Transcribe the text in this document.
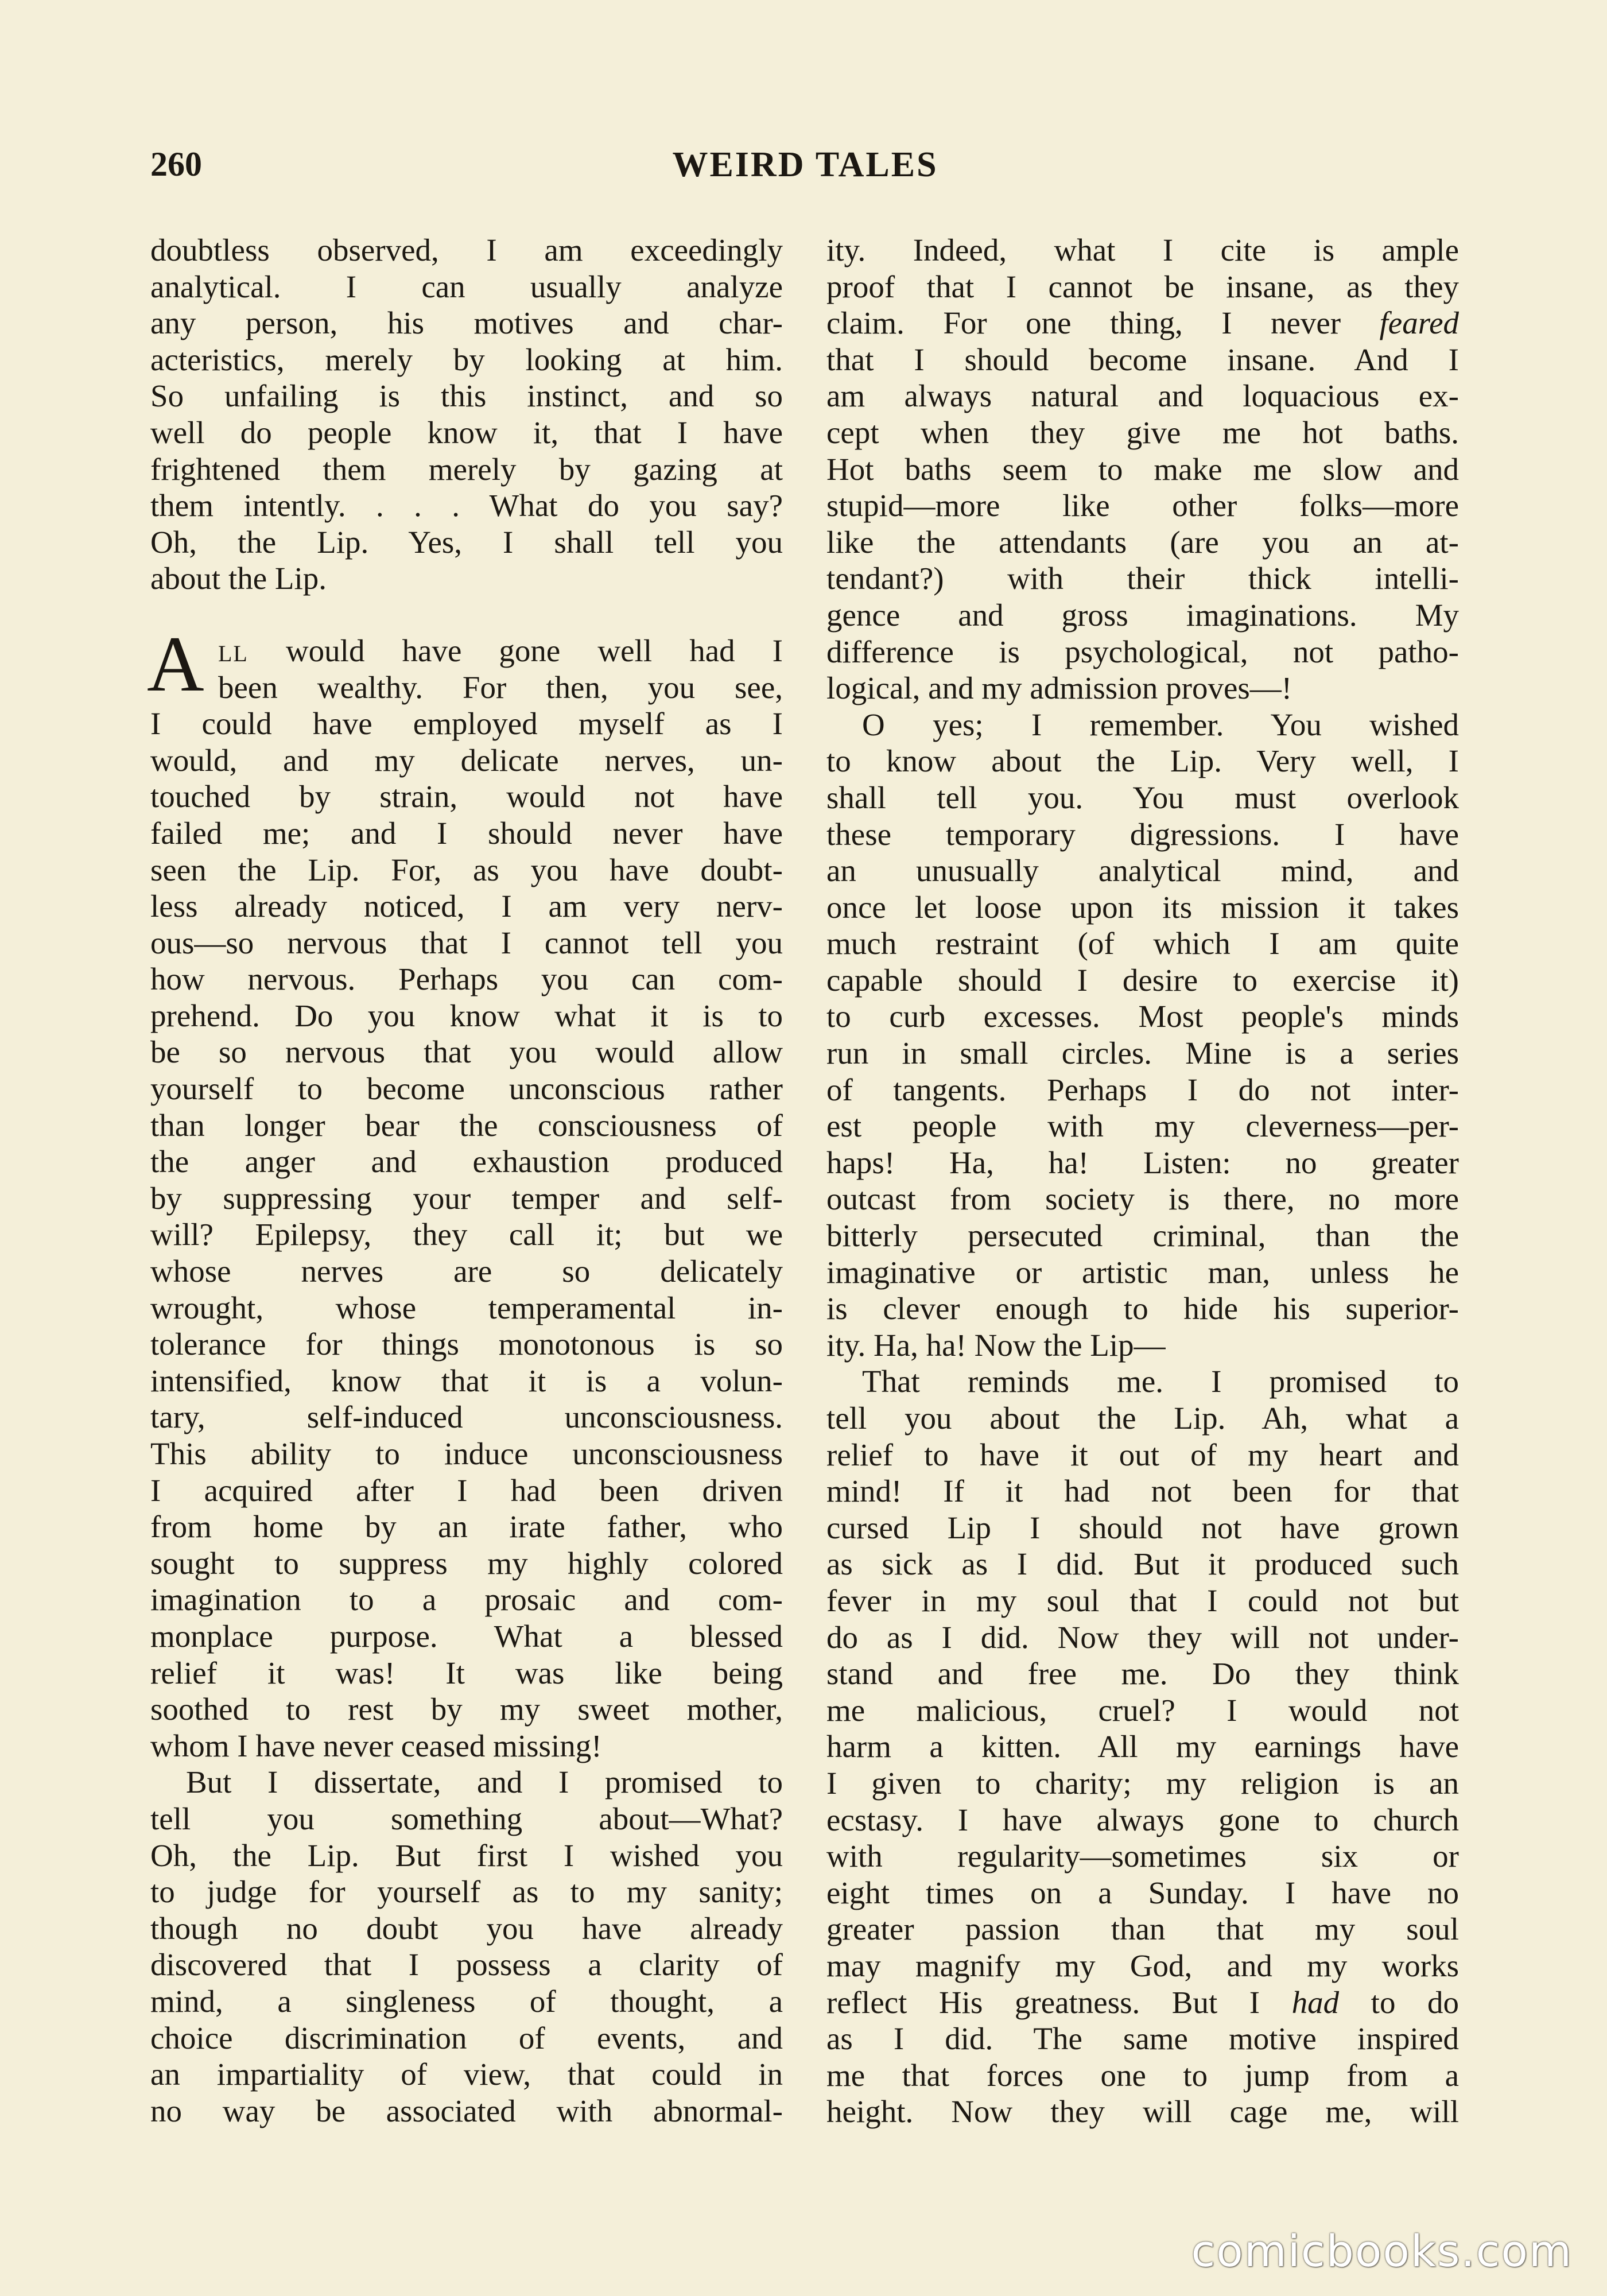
260	WEIRD TALES
doubtless observed, I am exceedingly
analytical. I can usually analyze
any person, his motives and char-
acteristics, merely by looking at him.
So unfailing is this instinct, and so
well do people know it, that I have
frightened them merely by gazing at
them intently. . . . What do you say?
Oh, the Lip. Yes, I shall tell you
about the Lip.
A LL would have gone well had I
been wealthy. For then, you see,
I could have employed myself as I
would, and my delicate nerves, un-
touched by strain, would not have
failed me; and I should never have
seen the Lip. For, as you have doubt-
less already noticed, I am very nerv-
ous—so nervous that I cannot tell you
how nervous. Perhaps you can com-
prehend. Do you know what it is to
be so nervous that you would allow
yourself to become unconscious rather
than longer bear the consciousness of
the anger and exhaustion produced
by suppressing your temper and self-
will? Epilepsy, they call it; but we
whose nerves are so delicately
wrought, whose temperamental in-
tolerance for things monotonous is so
intensified, know that it is a volun-
tary, self-induced unconsciousness.
This ability to induce unconsciousness
I acquired after I had been driven
from home by an irate father, who
sought to suppress my highly colored
imagination to a prosaic and com-
monplace purpose. What a blessed
relief it was! It was like being
soothed to rest by my sweet mother,
whom I have never ceased missing!
But I dissertate, and I promised to
tell you something about—What?
Oh, the Lip. But first I wished you
to judge for yourself as to my sanity;
though no doubt you have already
discovered that I possess a clarity of
mind, a singleness of thought, a
choice discrimination of events, and
an impartiality of view, that could in
no way be associated with abnormal-
ity. Indeed, what I cite is ample
proof that I cannot be insane, as they
claim. For one thing, I never feared
that I should become insane. And I
am always natural and loquacious ex-
cept when they give me hot baths.
Hot baths seem to make me slow and
stupid—more like other folks—more
like the attendants (are you an at-
tendant?) with their thick intelli-
gence and gross imaginations. My
difference is psychological, not patho-
logical, and my admission proves—!
O yes; I remember. You wished
to know about the Lip. Very well, I
shall tell you. You must overlook
these temporary digressions. I have
an unusually analytical mind, and
once let loose upon its mission it takes
much restraint (of which I am quite
capable should I desire to exercise it)
to curb excesses. Most people's minds
run in small circles. Mine is a series
of tangents. Perhaps I do not inter-
est people with my cleverness—per-
haps! Ha, ha! Listen: no greater
outcast from society is there, no more
bitterly persecuted criminal, than the
imaginative or artistic man, unless he
is clever enough to hide his superior-
ity. Ha, ha! Now the Lip—
That reminds me. I promised to
tell you about the Lip. Ah, what a
relief to have it out of my heart and
mind! If it had not been for that
cursed Lip I should not have grown
as sick as I did. But it produced such
fever in my soul that I could not but
do as I did. Now they will not under-
stand and free me. Do they think
me malicious, cruel? I would not
harm a kitten. All my earnings have
I given to charity; my religion is an
ecstasy. I have always gone to church
with regularity—sometimes six or
eight times on a Sunday. I have no
greater passion than that my soul
may magnify my God, and my works
reflect His greatness. But I had to do
as I did. The same motive inspired
me that forces one to jump from a
height. Now they will cage me, will
comicbooks.com
